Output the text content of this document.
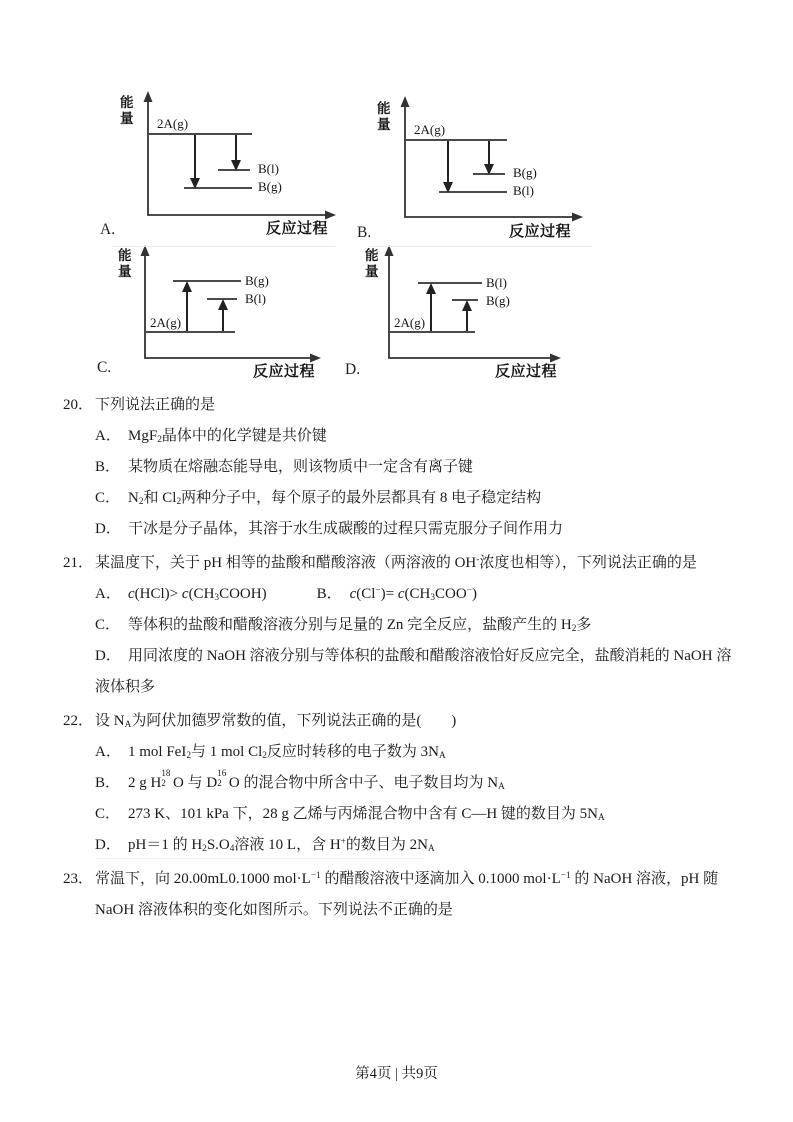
能量 2A(g)
B(l)
B(g)
反应过程
A.
能量 2A(g)
B(g)
B(l)
反应过程
B.
能量
B(g)
B(l)
2A(g)
反应过程
C.
能量
B(l)
B(g)
2A(g)
反应过程
D.
20． 下列说法正确的是
A． MgF$_2$晶体中的化学键是共价键
B． 某物质在熔融态能导电，则该物质中一定含有离子键
C． $N_2$和 $Cl_2$两种分子中，每个原子的最外层都具有 8 电子稳定结构
D． 干冰是分子晶体，其溶于水生成碳酸的过程只需克服分子间作用力
21． 某温度下，关于 pH 相等的盐酸和醋酸溶液（两溶液的 OH-浓度也相等），下列说法正确的是
A． $c(HCl)> c(CH_3COOH)$	B． $c(Cl^-)= c(CH_3COO^-)$
C． 等体积的盐酸和醋酸溶液分别与足量的 Zn 完全反应，盐酸产生的 $H_2$多
D． 用同浓度的 NaOH 溶液分别与等体积的盐酸和醋酸溶液恰好反应完全，盐酸消耗的 NaOH 溶液体积多
22． 设 $N_A$为阿伏加德罗常数的值，下列说法正确的是(　　)
A． 1 mol FeI$_2$与 1 mol $Cl_2$反应时转移的电子数为 $3N_A$
B． 2 g H
18
2 O 与 D
16
2 O 的混合物中所含中子、电子数目均为 $N_A$
C． 273 K、101 kPa 下，28 g 乙烯与丙烯混合物中含有 C—H 键的数目为 $5N_A$
D． pH＝1 的 $H_2S.O_4$溶液 10 L，含 H+的数目为 $2N_A$
23． 常温下，向 20.00mL0.1000 $mol\cdot L^{-1}$ 的醋酸溶液中逐滴加入 0.1000 $mol\cdot L^{-1}$ 的 NaOH 溶液，pH 随 NaOH 溶液体积的变化如图所示。下列说法不正确的是
第4页 | 共9页
